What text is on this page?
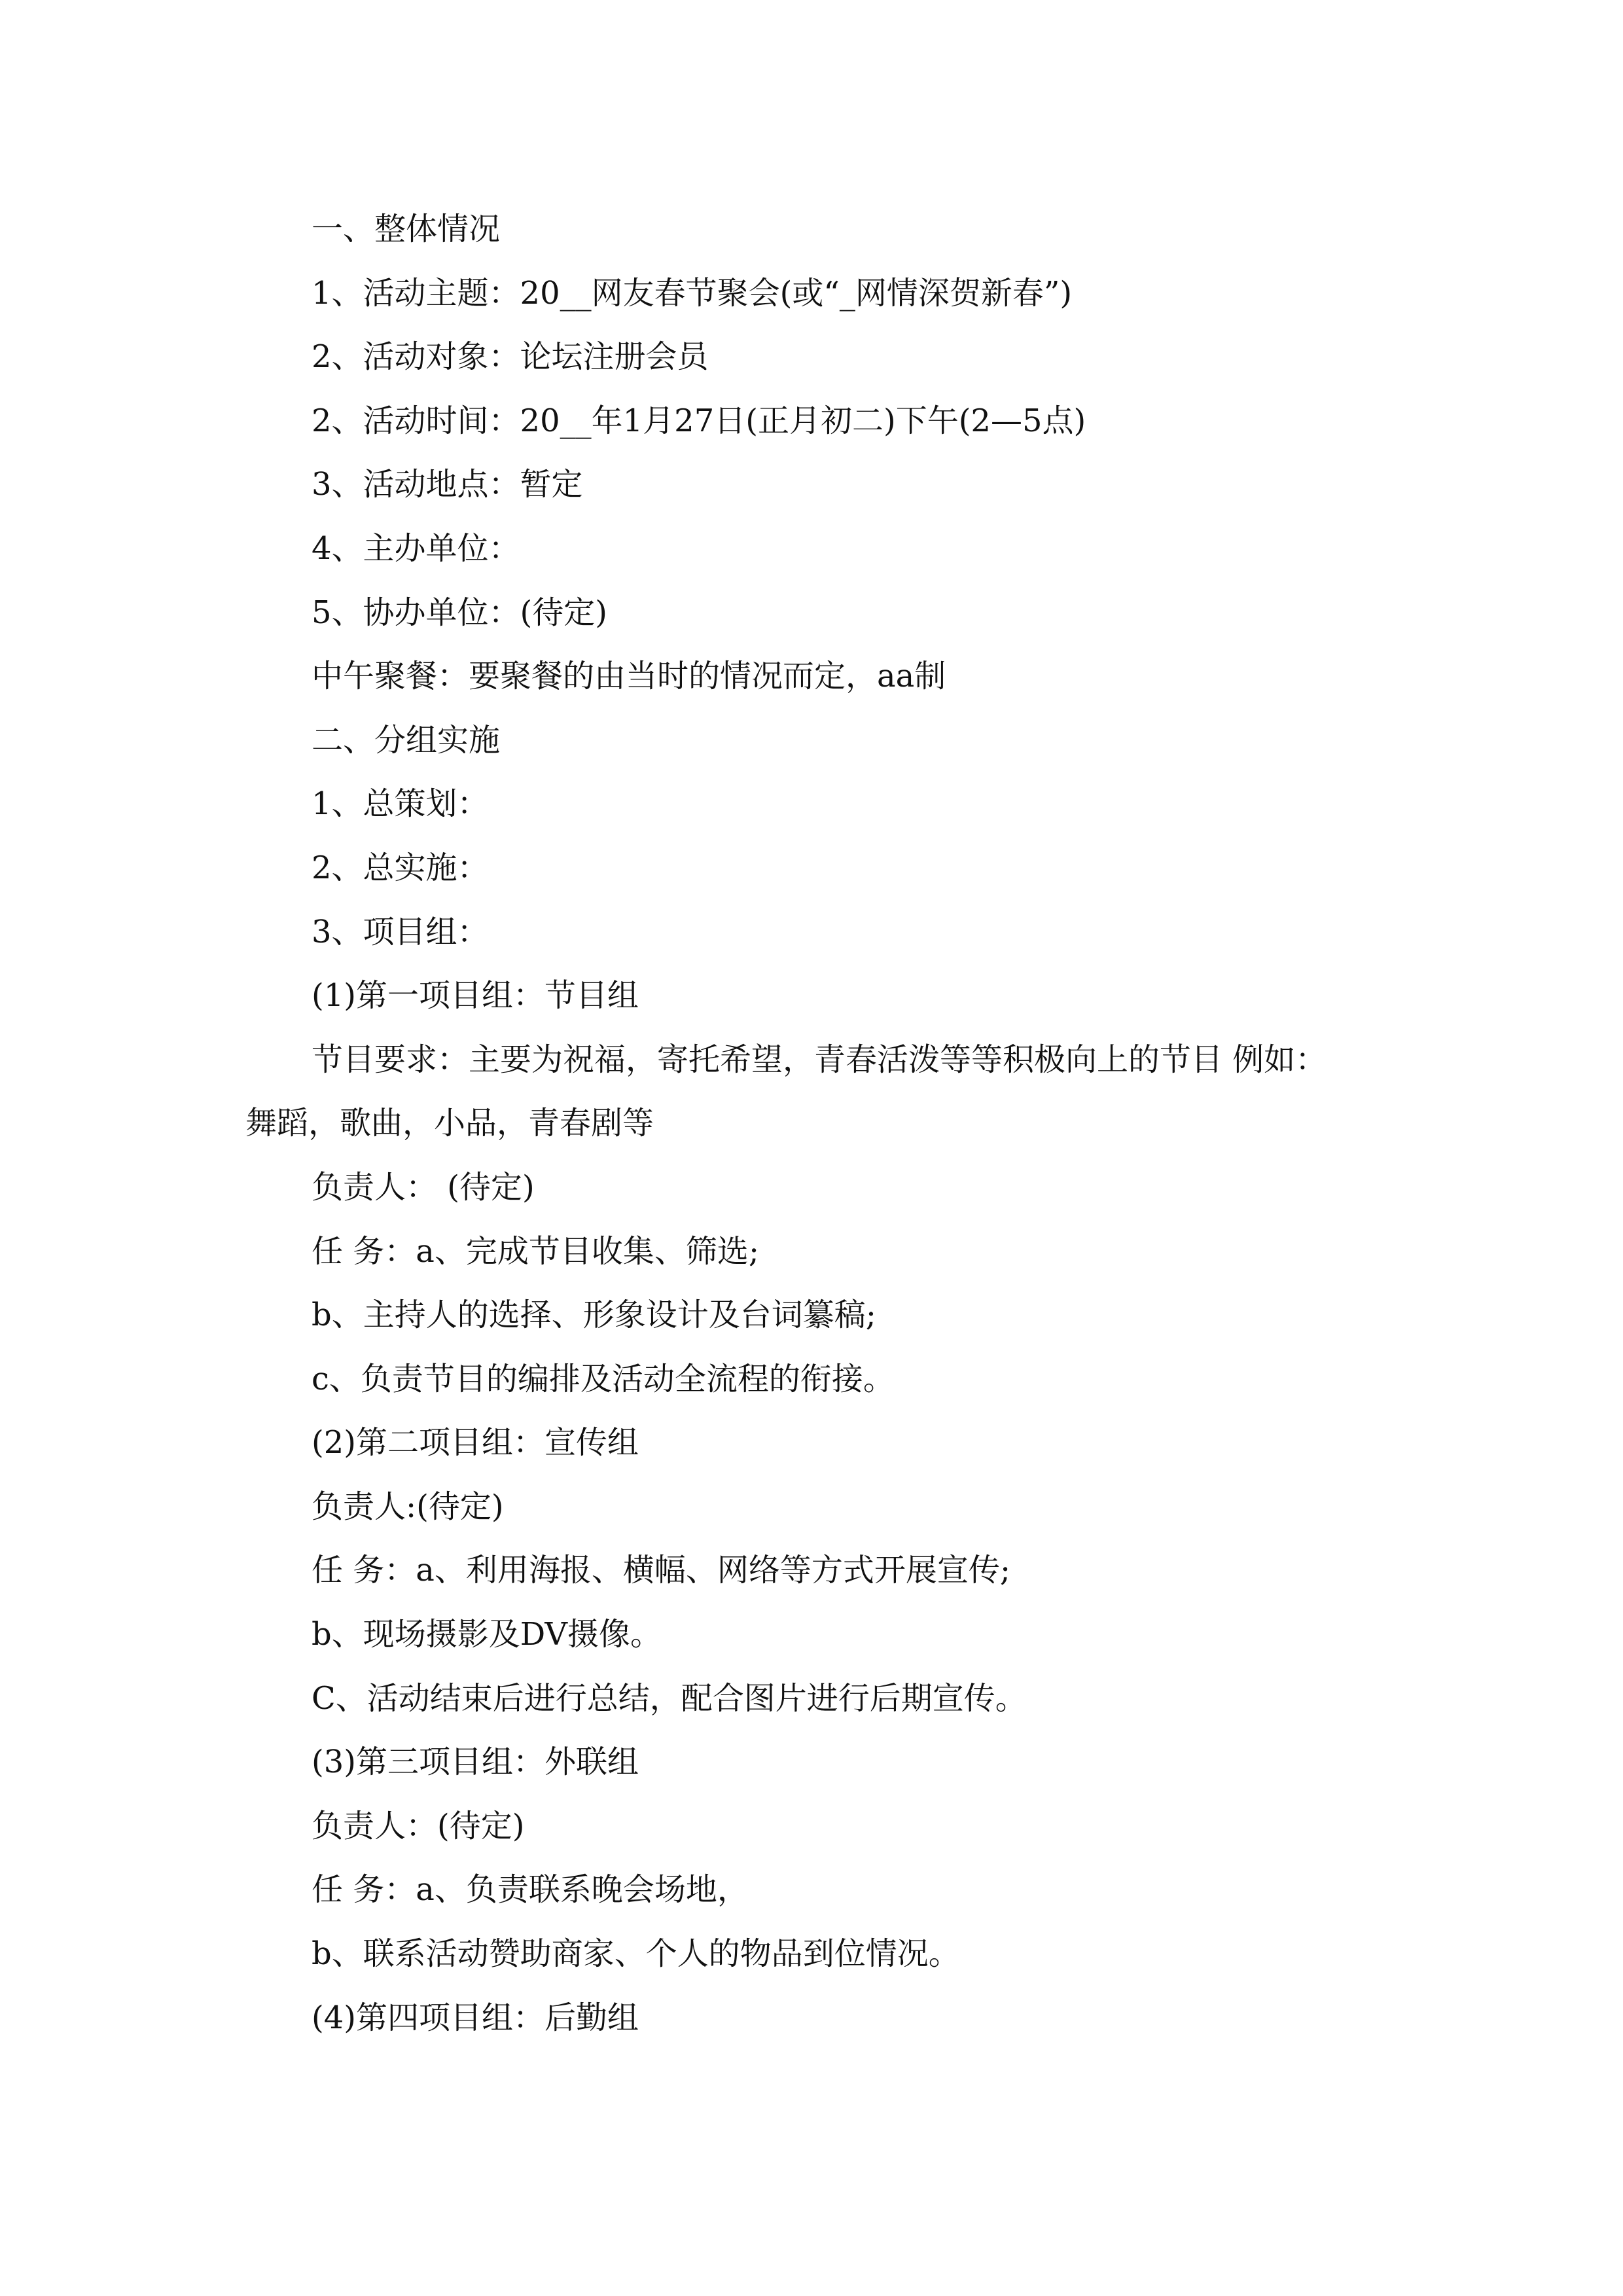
一、整体情况
1、活动主题：20__网友春节聚会(或“_网情深贺新春”)
2、活动对象：论坛注册会员
2、活动时间：20__年1月27日(正月初二)下午(2—5点)
3、活动地点：暂定
4、主办单位：
5、协办单位：(待定)
中午聚餐：要聚餐的由当时的情况而定，aa制
二、分组实施
1、总策划：
2、总实施：
3、项目组：
(1)第一项目组：节目组
节目要求：主要为祝福，寄托希望，青春活泼等等积极向上的节目 例如：
舞蹈，歌曲，小品，青春剧等
负责人： (待定)
任 务：a、完成节目收集、筛选;
b、主持人的选择、形象设计及台词纂稿;
c、负责节目的编排及活动全流程的衔接。
(2)第二项目组：宣传组
负责人:(待定)
任 务：a、利用海报、横幅、网络等方式开展宣传;
b、现场摄影及DV摄像。
C、活动结束后进行总结，配合图片进行后期宣传。
(3)第三项目组：外联组
负责人：(待定)
任 务：a、负责联系晚会场地，
b、联系活动赞助商家、个人的物品到位情况。
(4)第四项目组：后勤组
